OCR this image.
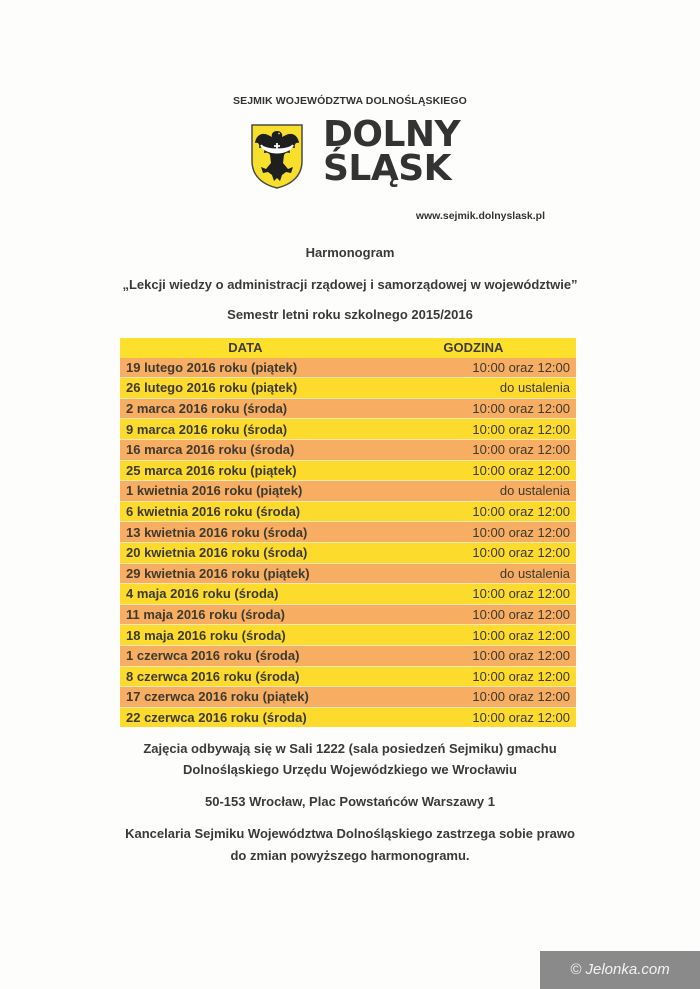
SEJMIK WOJEWÓDZTWA DOLNOŚLĄSKIEGO
DOLNY
ŚLĄSK
www.sejmik.dolnyslask.pl
Harmonogram
„Lekcji wiedzy o administracji rządowej i samorządowej w województwie”
Semestr letni roku szkolnego 2015/2016
DATA	GODZINA
19 lutego 2016 roku (piątek)	10:00 oraz 12:00
26 lutego 2016 roku (piątek)	do ustalenia
2 marca 2016 roku (środa)	10:00 oraz 12:00
9 marca 2016 roku (środa)	10:00 oraz 12:00
16 marca 2016 roku (środa)	10:00 oraz 12:00
25 marca 2016 roku (piątek)	10:00 oraz 12:00
1 kwietnia 2016 roku (piątek)	do ustalenia
6 kwietnia 2016 roku (środa)	10:00 oraz 12:00
13 kwietnia 2016 roku (środa)	10:00 oraz 12:00
20 kwietnia 2016 roku (środa)	10:00 oraz 12:00
29 kwietnia 2016 roku (piątek)	do ustalenia
4 maja 2016 roku (środa)	10:00 oraz 12:00
11 maja 2016 roku (środa)	10:00 oraz 12:00
18 maja 2016 roku (środa)	10:00 oraz 12:00
1 czerwca 2016 roku (środa)	10:00 oraz 12:00
8 czerwca 2016 roku (środa)	10:00 oraz 12:00
17 czerwca 2016 roku (piątek)	10:00 oraz 12:00
22 czerwca 2016 roku (środa)	10:00 oraz 12:00
Zajęcia odbywają się w Sali 1222 (sala posiedzeń Sejmiku) gmachu
Dolnośląskiego Urzędu Wojewódzkiego we Wrocławiu
50-153 Wrocław, Plac Powstańców Warszawy 1
Kancelaria Sejmiku Województwa Dolnośląskiego zastrzega sobie prawo
do zmian powyższego harmonogramu.
© Jelonka.com
